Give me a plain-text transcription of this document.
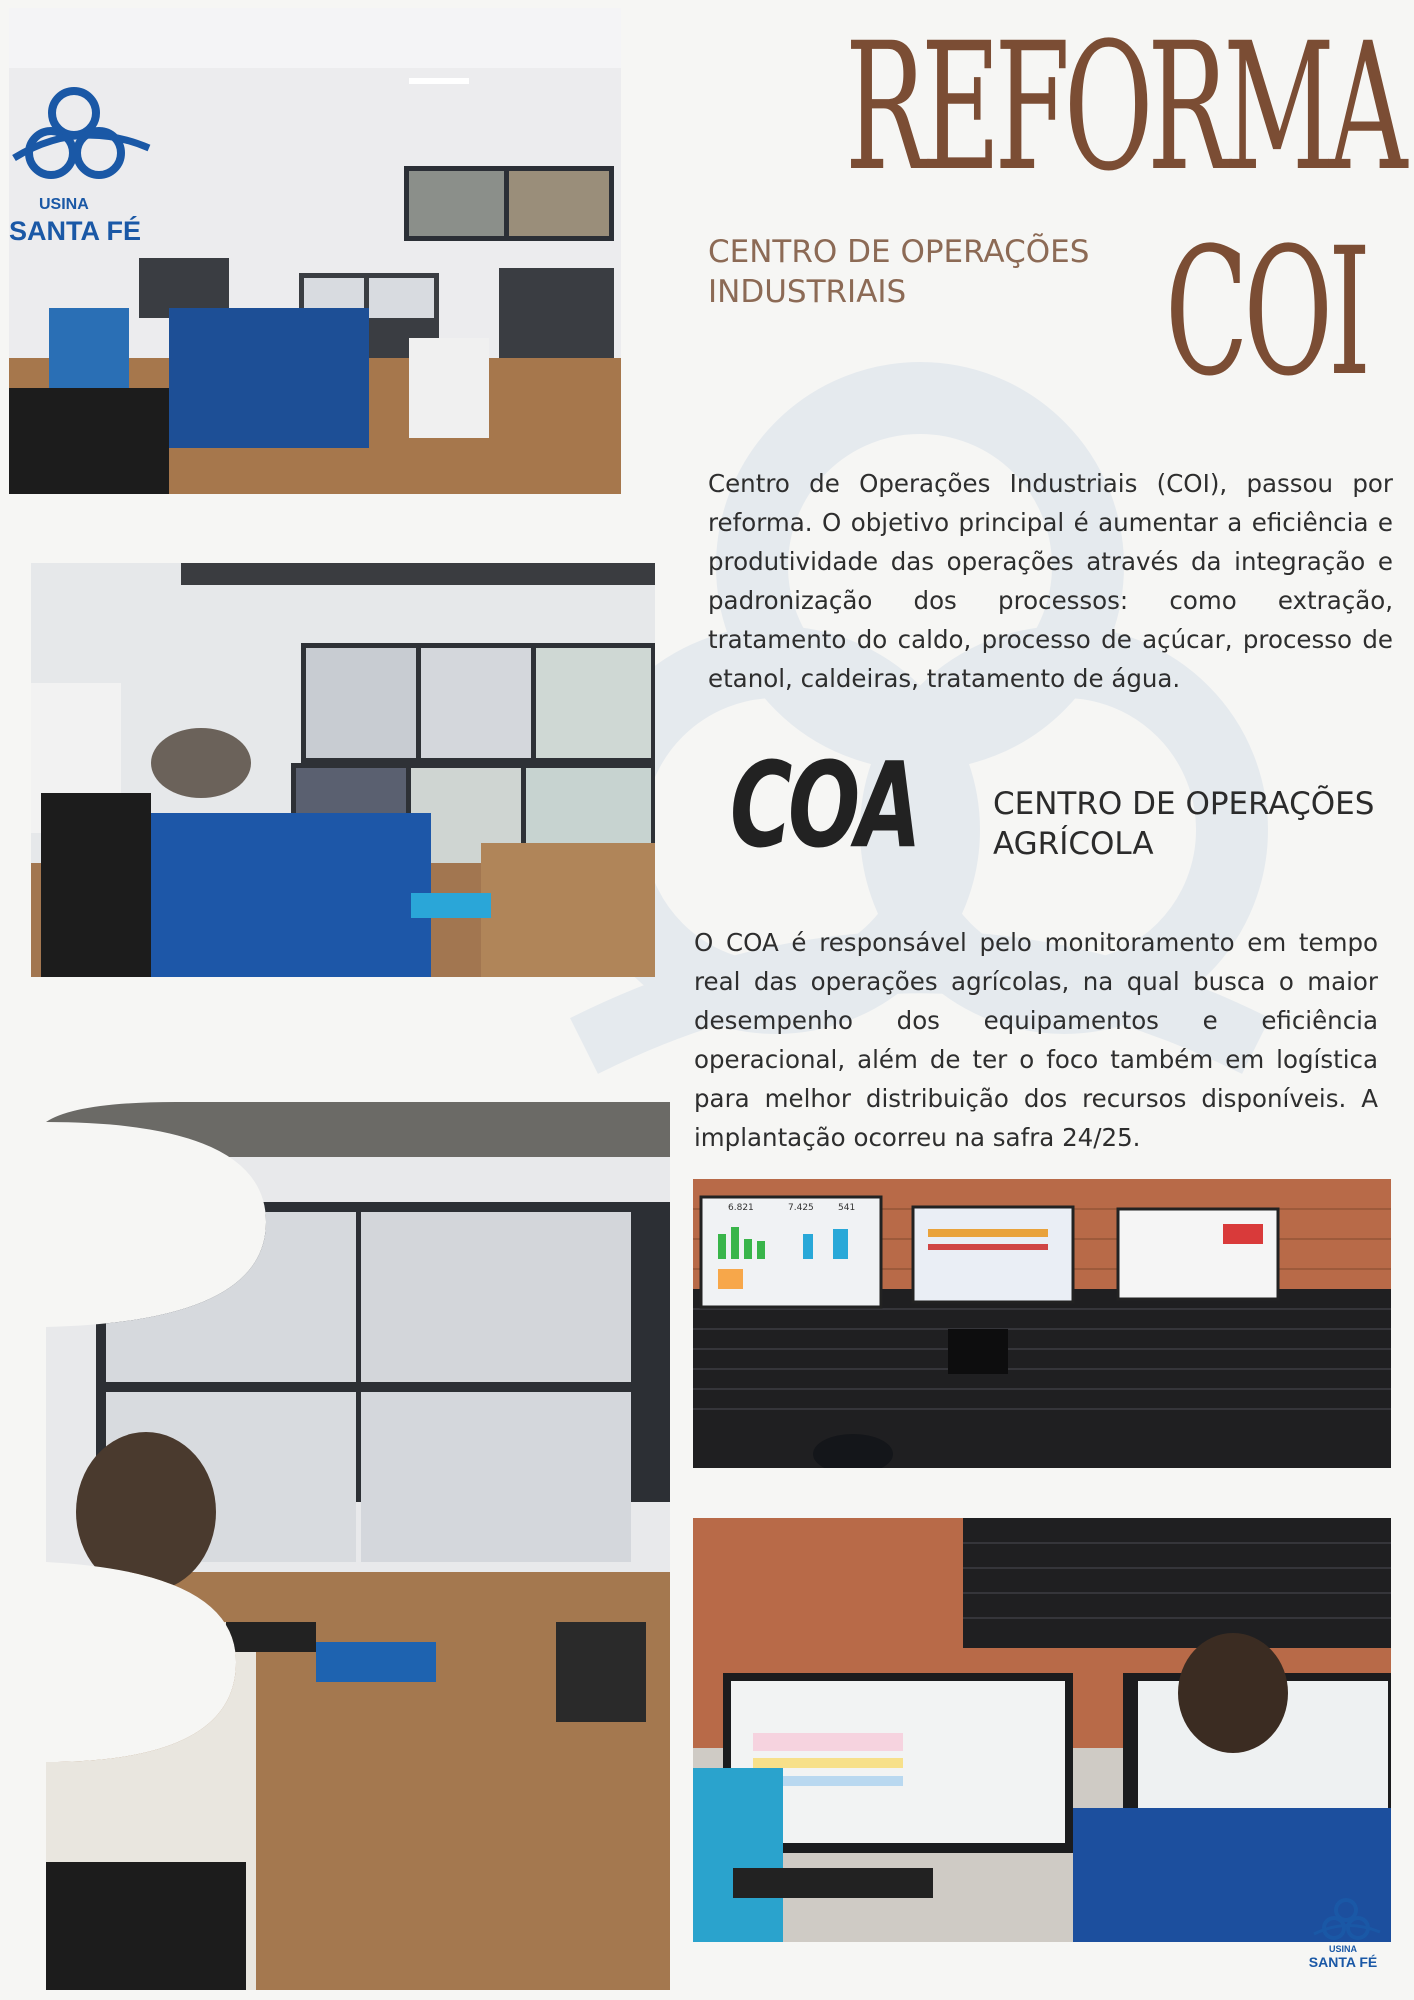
USINA
SANTA FÉ
6.821	7.425	541
USINA
SANTA FÉ
REFORMA
COI
CENTRO DE OPERAÇÕES INDUSTRIAIS
Centro de Operações Industriais (COI), passou por reforma. O objetivo principal é aumentar a eficiência e produtividade das operações através da integração e padronização dos processos: como extração, tratamento do caldo, processo de açúcar, processo de etanol, caldeiras, tratamento de água.
COA CENTRO DE OPERAÇÕES AGRÍCOLA
O COA é responsável pelo monitoramento em tempo real das operações agrícolas, na qual busca o maior desempenho dos equipamentos e eficiência operacional, além de ter o foco também em logística para melhor distribuição dos recursos disponíveis. A implantação ocorreu na safra 24/25.
